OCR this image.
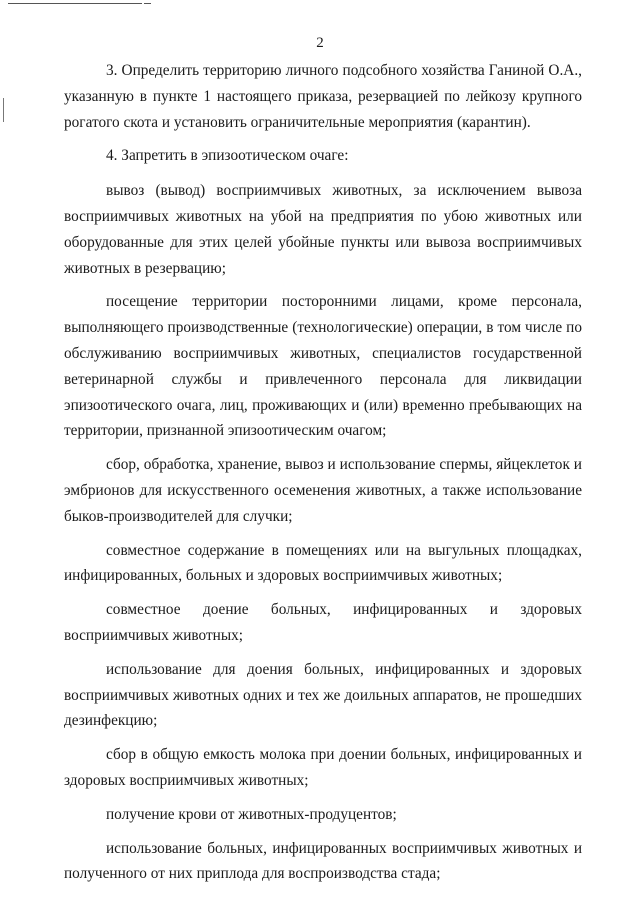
2

3. Определить территорию личного подсобного хозяйства Ганиной О.А., указанную в пункте 1 настоящего приказа, резервацией по лейкозу крупного рогатого скота и установить ограничительные мероприятия (карантин).

4. Запретить в эпизоотическом очаге:

вывоз (вывод) восприимчивых животных, за исключением вывоза восприимчивых животных на убой на предприятия по убою животных или оборудованные для этих целей убойные пункты или вывоза восприимчивых животных в резервацию;

посещение территории посторонними лицами, кроме персонала, выполняющего производственные (технологические) операции, в том числе по обслуживанию восприимчивых животных, специалистов государственной ветеринарной службы и привлеченного персонала для ликвидации эпизоотического очага, лиц, проживающих и (или) временно пребывающих на территории, признанной эпизоотическим очагом;

сбор, обработка, хранение, вывоз и использование спермы, яйцеклеток и эмбрионов для искусственного осеменения животных, а также использование быков-производителей для случки;

совместное содержание в помещениях или на выгульных площадках, инфицированных, больных и здоровых восприимчивых животных;

совместное доение больных, инфицированных и здоровых восприимчивых животных;

использование для доения больных, инфицированных и здоровых восприимчивых животных одних и тех же доильных аппаратов, не прошедших дезинфекцию;

сбор в общую емкость молока при доении больных, инфицированных и здоровых восприимчивых животных;

получение крови от животных-продуцентов;

использование больных, инфицированных восприимчивых животных и полученного от них приплода для воспроизводства стада;
